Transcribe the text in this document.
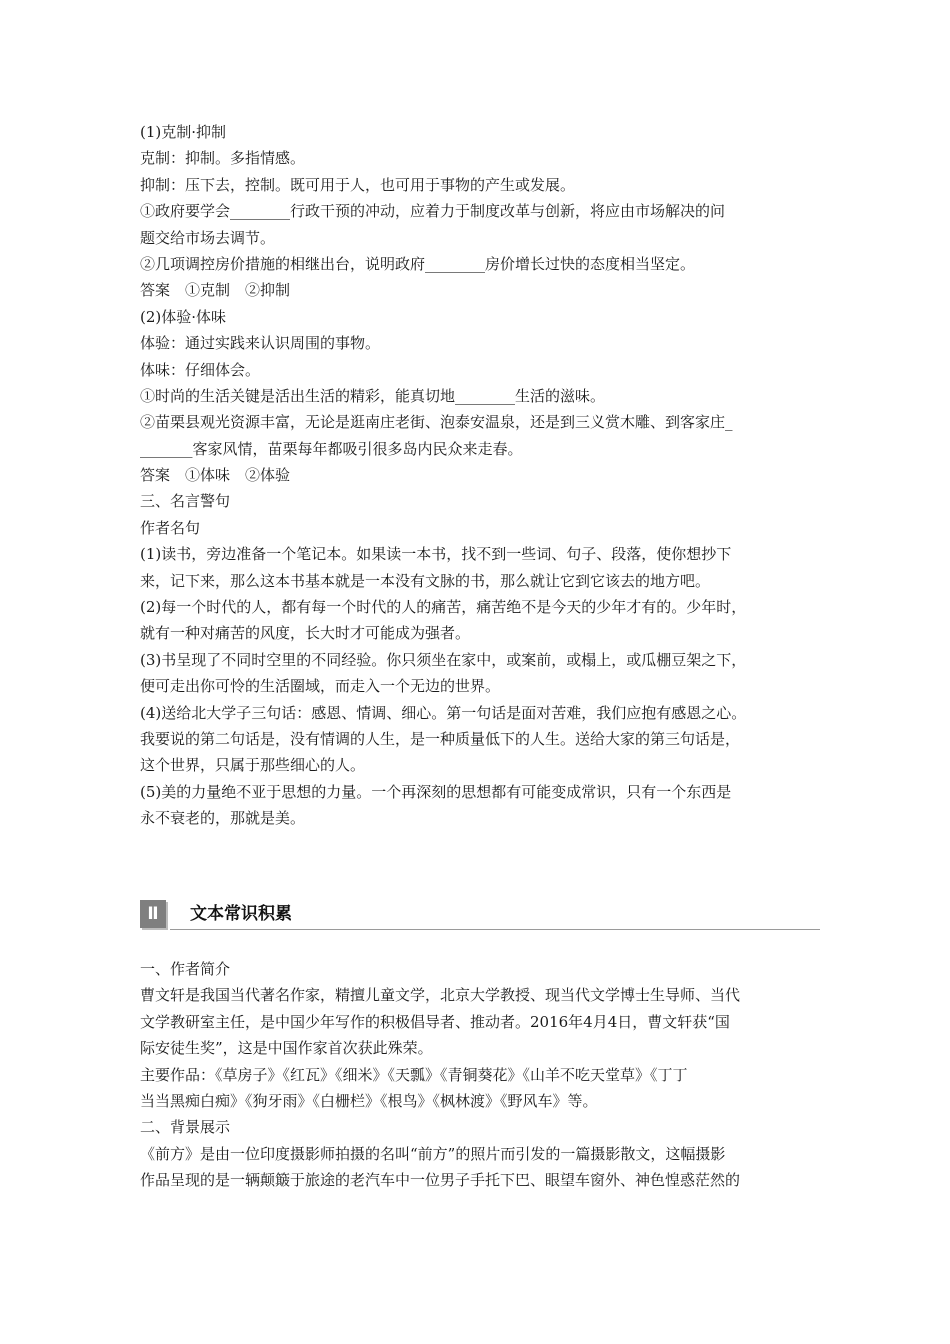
(1)克制·抑制
克制：抑制。多指情感。
抑制：压下去，控制。既可用于人，也可用于事物的产生或发展。
①政府要学会________行政干预的冲动，应着力于制度改革与创新，将应由市场解决的问
题交给市场去调节。
②几项调控房价措施的相继出台，说明政府________房价增长过快的态度相当坚定。
答案　①克制　②抑制
(2)体验·体味
体验：通过实践来认识周围的事物。
体味：仔细体会。
①时尚的生活关键是活出生活的精彩，能真切地________生活的滋味。
②苗栗县观光资源丰富，无论是逛南庄老街、泡泰安温泉，还是到三义赏木雕、到客家庄_
_______客家风情，苗栗每年都吸引很多岛内民众来走春。
答案　①体味　②体验
三、名言警句
作者名句
(1)读书，旁边准备一个笔记本。如果读一本书，找不到一些词、句子、段落，使你想抄下
来，记下来，那么这本书基本就是一本没有文脉的书，那么就让它到它该去的地方吧。
(2)每一个时代的人，都有每一个时代的人的痛苦，痛苦绝不是今天的少年才有的。少年时，
就有一种对痛苦的风度，长大时才可能成为强者。
(3)书呈现了不同时空里的不同经验。你只须坐在家中，或案前，或榻上，或瓜棚豆架之下，
便可走出你可怜的生活圈域，而走入一个无边的世界。
(4)送给北大学子三句话：感恩、情调、细心。第一句话是面对苦难，我们应抱有感恩之心。
我要说的第二句话是，没有情调的人生，是一种质量低下的人生。送给大家的第三句话是，
这个世界，只属于那些细心的人。
(5)美的力量绝不亚于思想的力量。一个再深刻的思想都有可能变成常识，只有一个东西是
永不衰老的，那就是美。
Ⅱ	文本常识积累
一、作者简介
曹文轩是我国当代著名作家，精擅儿童文学，北京大学教授、现当代文学博士生导师、当代
文学教研室主任，是中国少年写作的积极倡导者、推动者。2016年4月4日，曹文轩获“国
际安徒生奖”，这是中国作家首次获此殊荣。
主要作品：《草房子》《红瓦》《细米》《天瓢》《青铜葵花》《山羊不吃天堂草》《丁丁
当当黑痴白痴》《狗牙雨》《白栅栏》《根鸟》《枫林渡》《野风车》等。
二、背景展示
《前方》是由一位印度摄影师拍摄的名叫“前方”的照片而引发的一篇摄影散文，这幅摄影
作品呈现的是一辆颠簸于旅途的老汽车中一位男子手托下巴、眼望车窗外、神色惶惑茫然的
